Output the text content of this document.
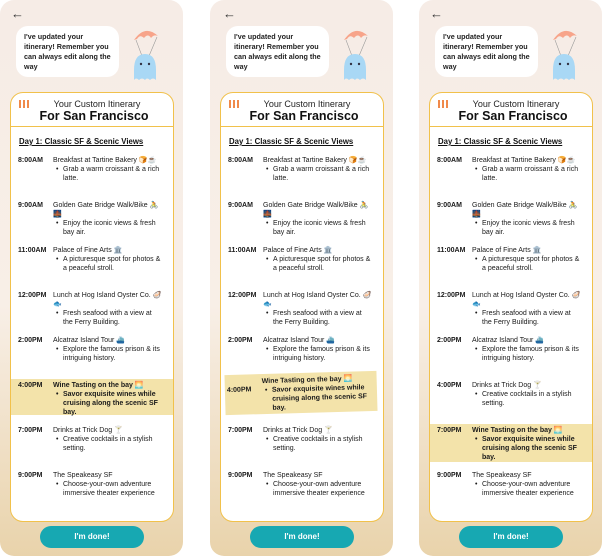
←
I've updated your itinerary! Remember you can always edit along the way
Your Custom Itinerary
For San Francisco
Day 1: Classic SF & Scenic Views
8:00AM Breakfast at Tartine Bakery 🍞☕
• Grab a warm croissant & a rich latte.
9:00AM Golden Gate Bridge Walk/Bike 🚴🌉
• Enjoy the iconic views & fresh bay air.
11:00AM Palace of Fine Arts 🏛️
• A picturesque spot for photos & a peaceful stroll.
12:00PM Lunch at Hog Island Oyster Co. 🦪🐟
• Fresh seafood with a view at the Ferry Building.
2:00PM Alcatraz Island Tour ⛴️
• Explore the famous prison & its intriguing history.
4:00PM Wine Tasting on the bay 🌅
• Savor exquisite wines while cruising along the scenic SF bay.
7:00PM Drinks at Trick Dog 🍸
• Creative cocktails in a stylish setting.
9:00PM The Speakeasy SF
• Choose-your-own adventure immersive theater experience
I'm done!
←
I've updated your itinerary! Remember you can always edit along the way
Your Custom Itinerary
For San Francisco
Day 1: Classic SF & Scenic Views
8:00AM Breakfast at Tartine Bakery 🍞☕
• Grab a warm croissant & a rich latte.
9:00AM Golden Gate Bridge Walk/Bike 🚴🌉
• Enjoy the iconic views & fresh bay air.
11:00AM Palace of Fine Arts 🏛️
• A picturesque spot for photos & a peaceful stroll.
12:00PM Lunch at Hog Island Oyster Co. 🦪🐟
• Fresh seafood with a view at the Ferry Building.
2:00PM Alcatraz Island Tour ⛴️
• Explore the famous prison & its intriguing history.
4:00PM
Wine Tasting on the bay 🌅
• Savor exquisite wines while cruising along the scenic SF bay.
7:00PM Drinks at Trick Dog 🍸
• Creative cocktails in a stylish setting.
9:00PM The Speakeasy SF
• Choose-your-own adventure immersive theater experience
I'm done!
←
I've updated your itinerary! Remember you can always edit along the way
Your Custom Itinerary
For San Francisco
Day 1: Classic SF & Scenic Views
8:00AM Breakfast at Tartine Bakery 🍞☕
• Grab a warm croissant & a rich latte.
9:00AM Golden Gate Bridge Walk/Bike 🚴🌉
• Enjoy the iconic views & fresh bay air.
11:00AM Palace of Fine Arts 🏛️
• A picturesque spot for photos & a peaceful stroll.
12:00PM Lunch at Hog Island Oyster Co. 🦪🐟
• Fresh seafood with a view at the Ferry Building.
2:00PM Alcatraz Island Tour ⛴️
• Explore the famous prison & its intriguing history.
4:00PM Drinks at Trick Dog 🍸
• Creative cocktails in a stylish setting.
7:00PM Wine Tasting on the bay 🌅
• Savor exquisite wines while cruising along the scenic SF bay.
9:00PM The Speakeasy SF
• Choose-your-own adventure immersive theater experience
I'm done!
